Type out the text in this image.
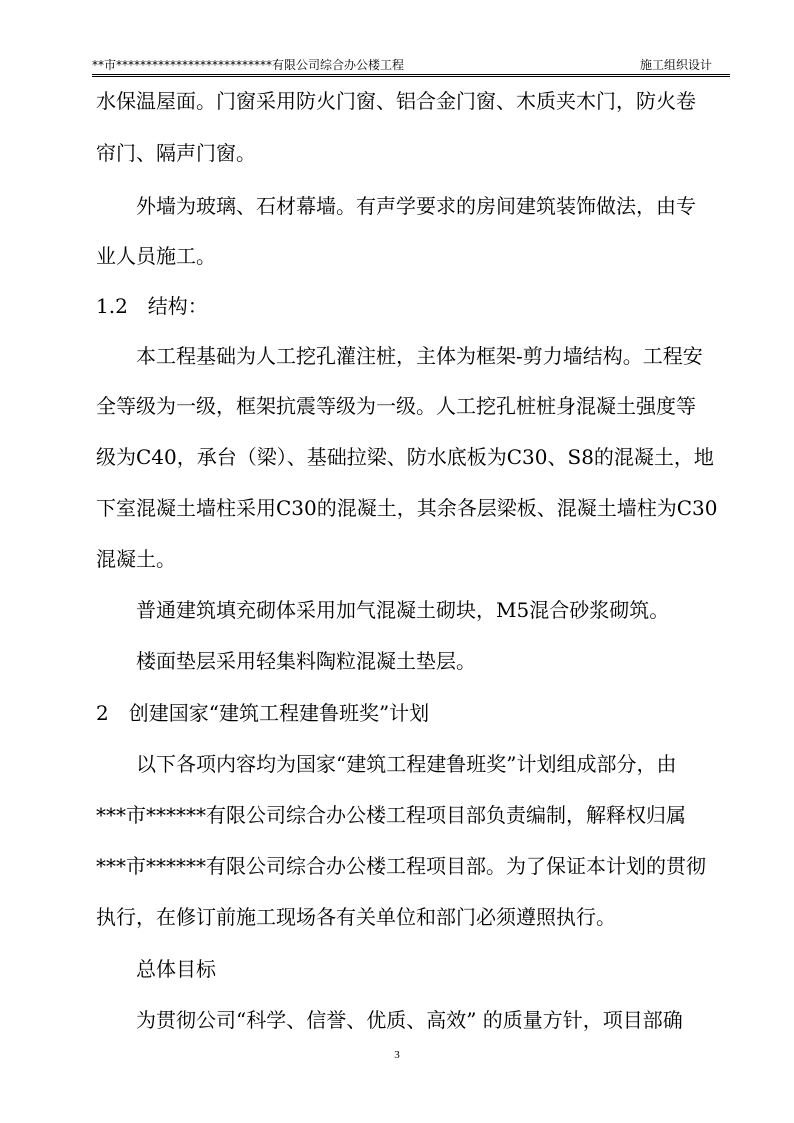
**市**************************有限公司综合办公楼工程	施工组织设计
水保温屋面。门窗采用防火门窗、铝合金门窗、木质夹木门，防火卷
帘门、隔声门窗。
外墙为玻璃、石材幕墙。有声学要求的房间建筑装饰做法，由专
业人员施工。
1.2　结构：
本工程基础为人工挖孔灌注桩，主体为框架-剪力墙结构。工程安
全等级为一级，框架抗震等级为一级。人工挖孔桩桩身混凝土强度等
级为C40，承台（梁）、基础拉梁、防水底板为C30、S8的混凝土，地
下室混凝土墙柱采用C30的混凝土，其余各层梁板、混凝土墙柱为C30
混凝土。
普通建筑填充砌体采用加气混凝土砌块，M5混合砂浆砌筑。
楼面垫层采用轻集料陶粒混凝土垫层。
2　创建国家“建筑工程建鲁班奖”计划
以下各项内容均为国家“建筑工程建鲁班奖”计划组成部分，由
***市******有限公司综合办公楼工程项目部负责编制，解释权归属
***市******有限公司综合办公楼工程项目部。为了保证本计划的贯彻
执行，在修订前施工现场各有关单位和部门必须遵照执行。
总体目标
为贯彻公司“科学、信誉、优质、高效” 的质量方针，项目部确
3
